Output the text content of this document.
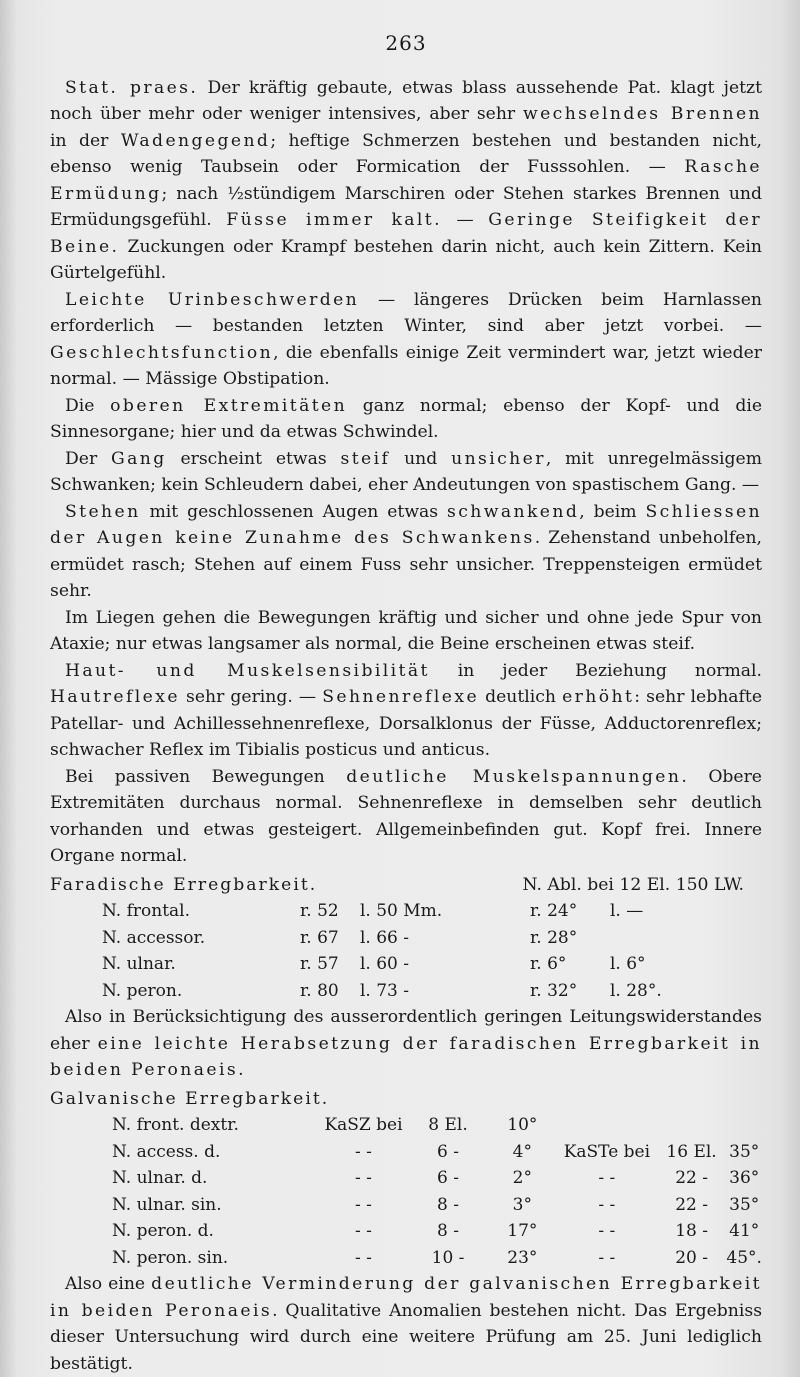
263

Stat. praes. Der kräftig gebaute, etwas blass aussehende Pat. klagt jetzt noch über mehr oder weniger intensives, aber sehr wechselndes Brennen in der Wadengegend; heftige Schmerzen bestehen und bestanden nicht, ebenso wenig Taubsein oder Formication der Fusssohlen. — Rasche Ermüdung; nach ½stündigem Marschiren oder Stehen starkes Brennen und Ermüdungsgefühl. Füsse immer kalt. — Geringe Steifigkeit der Beine. Zuckungen oder Krampf bestehen darin nicht, auch kein Zittern. Kein Gürtelgefühl.

Leichte Urinbeschwerden — längeres Drücken beim Harnlassen erforderlich — bestanden letzten Winter, sind aber jetzt vorbei. — Geschlechtsfunction, die ebenfalls einige Zeit vermindert war, jetzt wieder normal. — Mässige Obstipation.

Die oberen Extremitäten ganz normal; ebenso der Kopf- und die Sinnesorgane; hier und da etwas Schwindel.

Der Gang erscheint etwas steif und unsicher, mit unregelmässigem Schwanken; kein Schleudern dabei, eher Andeutungen von spastischem Gang. —

Stehen mit geschlossenen Augen etwas schwankend, beim Schliessen der Augen keine Zunahme des Schwankens. Zehenstand unbeholfen, ermüdet rasch; Stehen auf einem Fuss sehr unsicher. Treppensteigen ermüdet sehr.

Im Liegen gehen die Bewegungen kräftig und sicher und ohne jede Spur von Ataxie; nur etwas langsamer als normal, die Beine erscheinen etwas steif.

Haut- und Muskelsensibilität in jeder Beziehung normal. Hautreflexe sehr gering. — Sehnenreflexe deutlich erhöht: sehr lebhafte Patellar- und Achillessehnenreflexe, Dorsalklonus der Füsse, Adductorenreflex; schwacher Reflex im Tibialis posticus und anticus.

Bei passiven Bewegungen deutliche Muskelspannungen. Obere Extremitäten durchaus normal. Sehnenreflexe in demselben sehr deutlich vorhanden und etwas gesteigert. Allgemeinbefinden gut. Kopf frei. Innere Organe normal.

Faradische Erregbarkeit.	N. Abl. bei 12 El. 150 LW.
N. frontal.	r. 52	l. 50 Mm.	r. 24°	l. —
N. accessor.	r. 67	l. 66 -	r. 28°	
N. ulnar.	r. 57	l. 60 -	r. 6°	l. 6°
N. peron.	r. 80	l. 73 -	r. 32°	l. 28°.

Also in Berücksichtigung des ausserordentlich geringen Leitungswiderstandes eher eine leichte Herabsetzung der faradischen Erregbarkeit in beiden Peronaeis.

Galvanische Erregbarkeit.
N. front. dextr.	KaSZ bei	8 El.	10°			
N. access. d.	- -	6 -	4°	KaSTe bei	16 El.	35°
N. ulnar. d.	- -	6 -	2°	- -	22 -	36°
N. ulnar. sin.	- -	8 -	3°	- -	22 -	35°
N. peron. d.	- -	8 -	17°	- -	18 -	41°
N. peron. sin.	- -	10 -	23°	- -	20 -	45°.

Also eine deutliche Verminderung der galvanischen Erregbarkeit in beiden Peronaeis. Qualitative Anomalien bestehen nicht. Das Ergebniss dieser Untersuchung wird durch eine weitere Prüfung am 25. Juni lediglich bestätigt.
